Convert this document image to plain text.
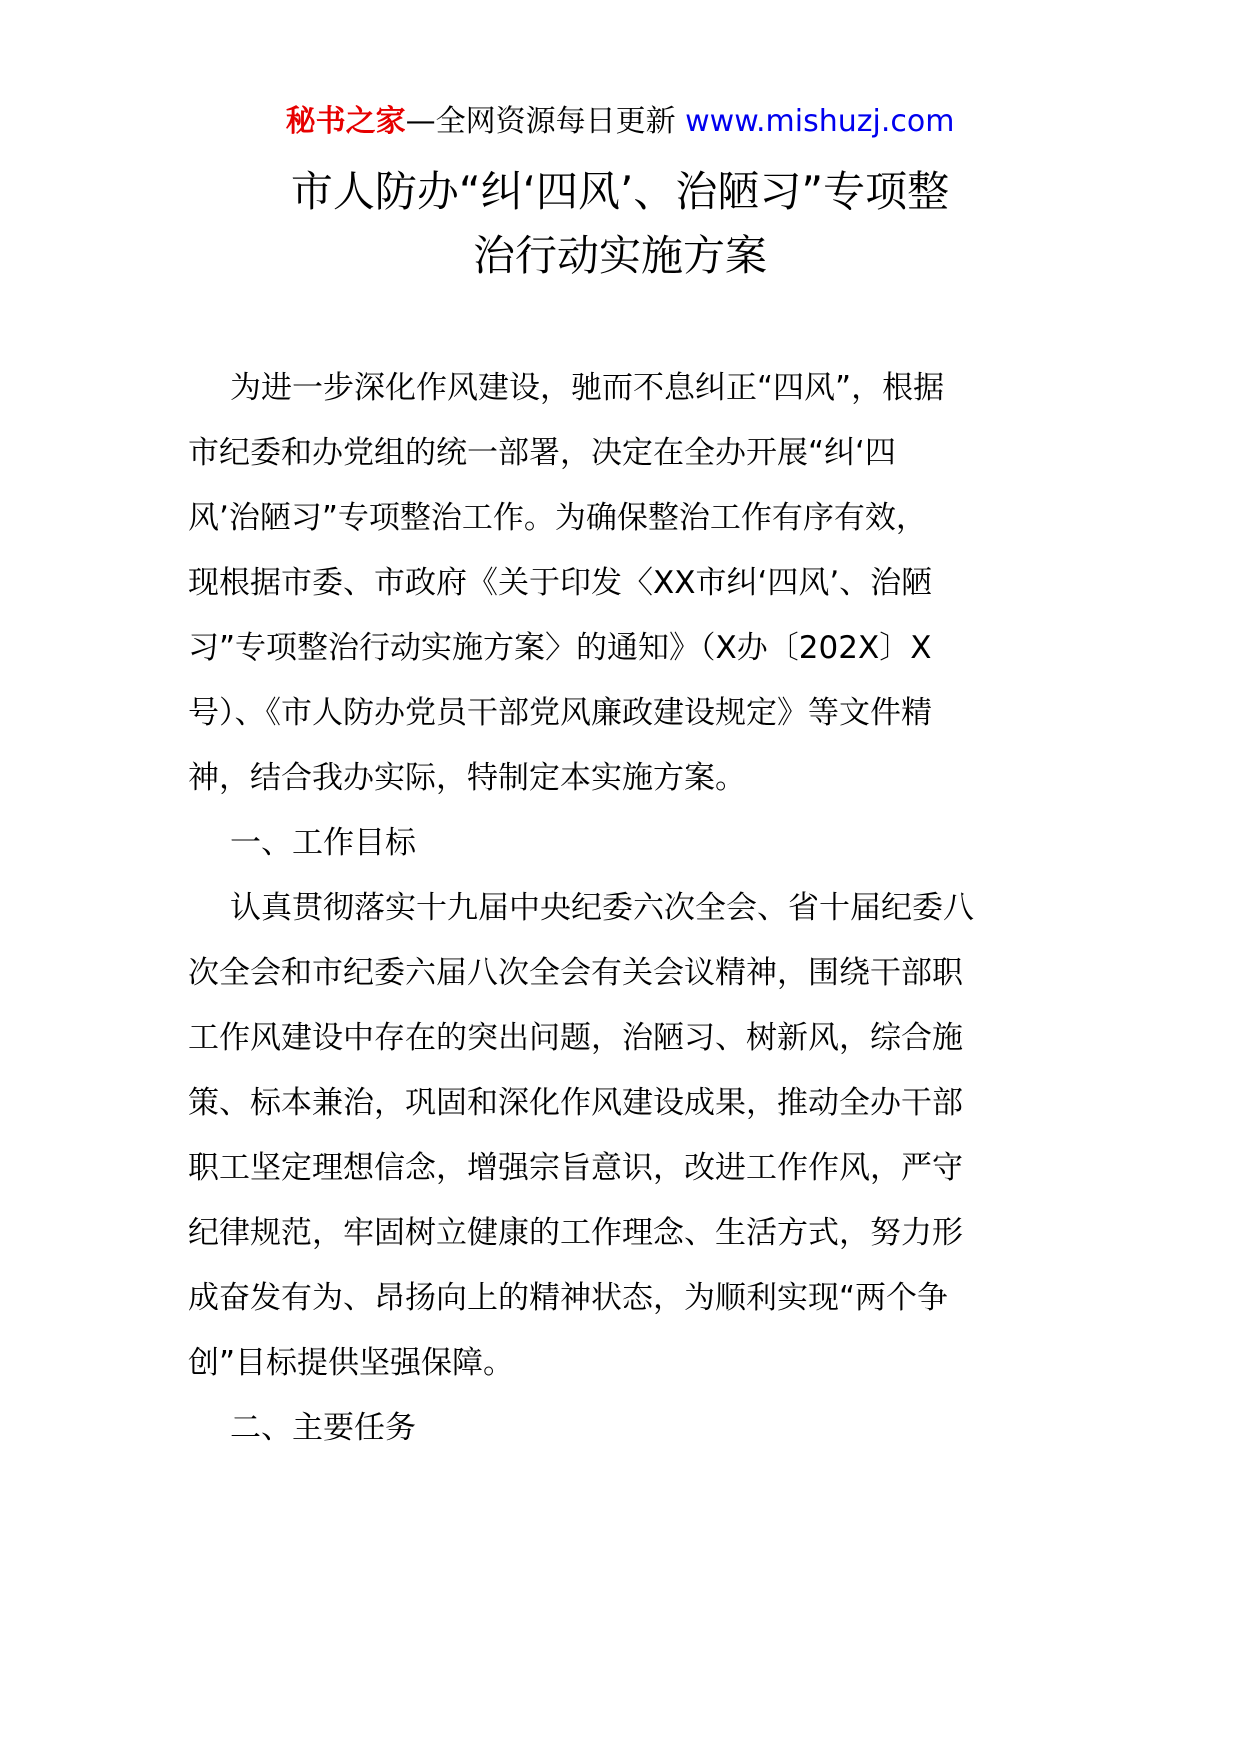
秘书之家—全网资源每日更新 www.mishuzj.com
市人防办“纠‘四风’、治陋习”专项整
治行动实施方案
为进一步深化作风建设，驰而不息纠正“四风”，根据
市纪委和办党组的统一部署，决定在全办开展“纠‘四
风’治陋习”专项整治工作。为确保整治工作有序有效，
现根据市委、市政府《关于印发〈XX市纠‘四风’、治陋
习”专项整治行动实施方案〉的通知》（X办〔202X〕X
号）、《市人防办党员干部党风廉政建设规定》等文件精
神，结合我办实际，特制定本实施方案。
一、工作目标
认真贯彻落实十九届中央纪委六次全会、省十届纪委八
次全会和市纪委六届八次全会有关会议精神，围绕干部职
工作风建设中存在的突出问题，治陋习、树新风，综合施
策、标本兼治，巩固和深化作风建设成果，推动全办干部
职工坚定理想信念，增强宗旨意识，改进工作作风，严守
纪律规范，牢固树立健康的工作理念、生活方式，努力形
成奋发有为、昂扬向上的精神状态，为顺利实现“两个争
创”目标提供坚强保障。
二、主要任务
